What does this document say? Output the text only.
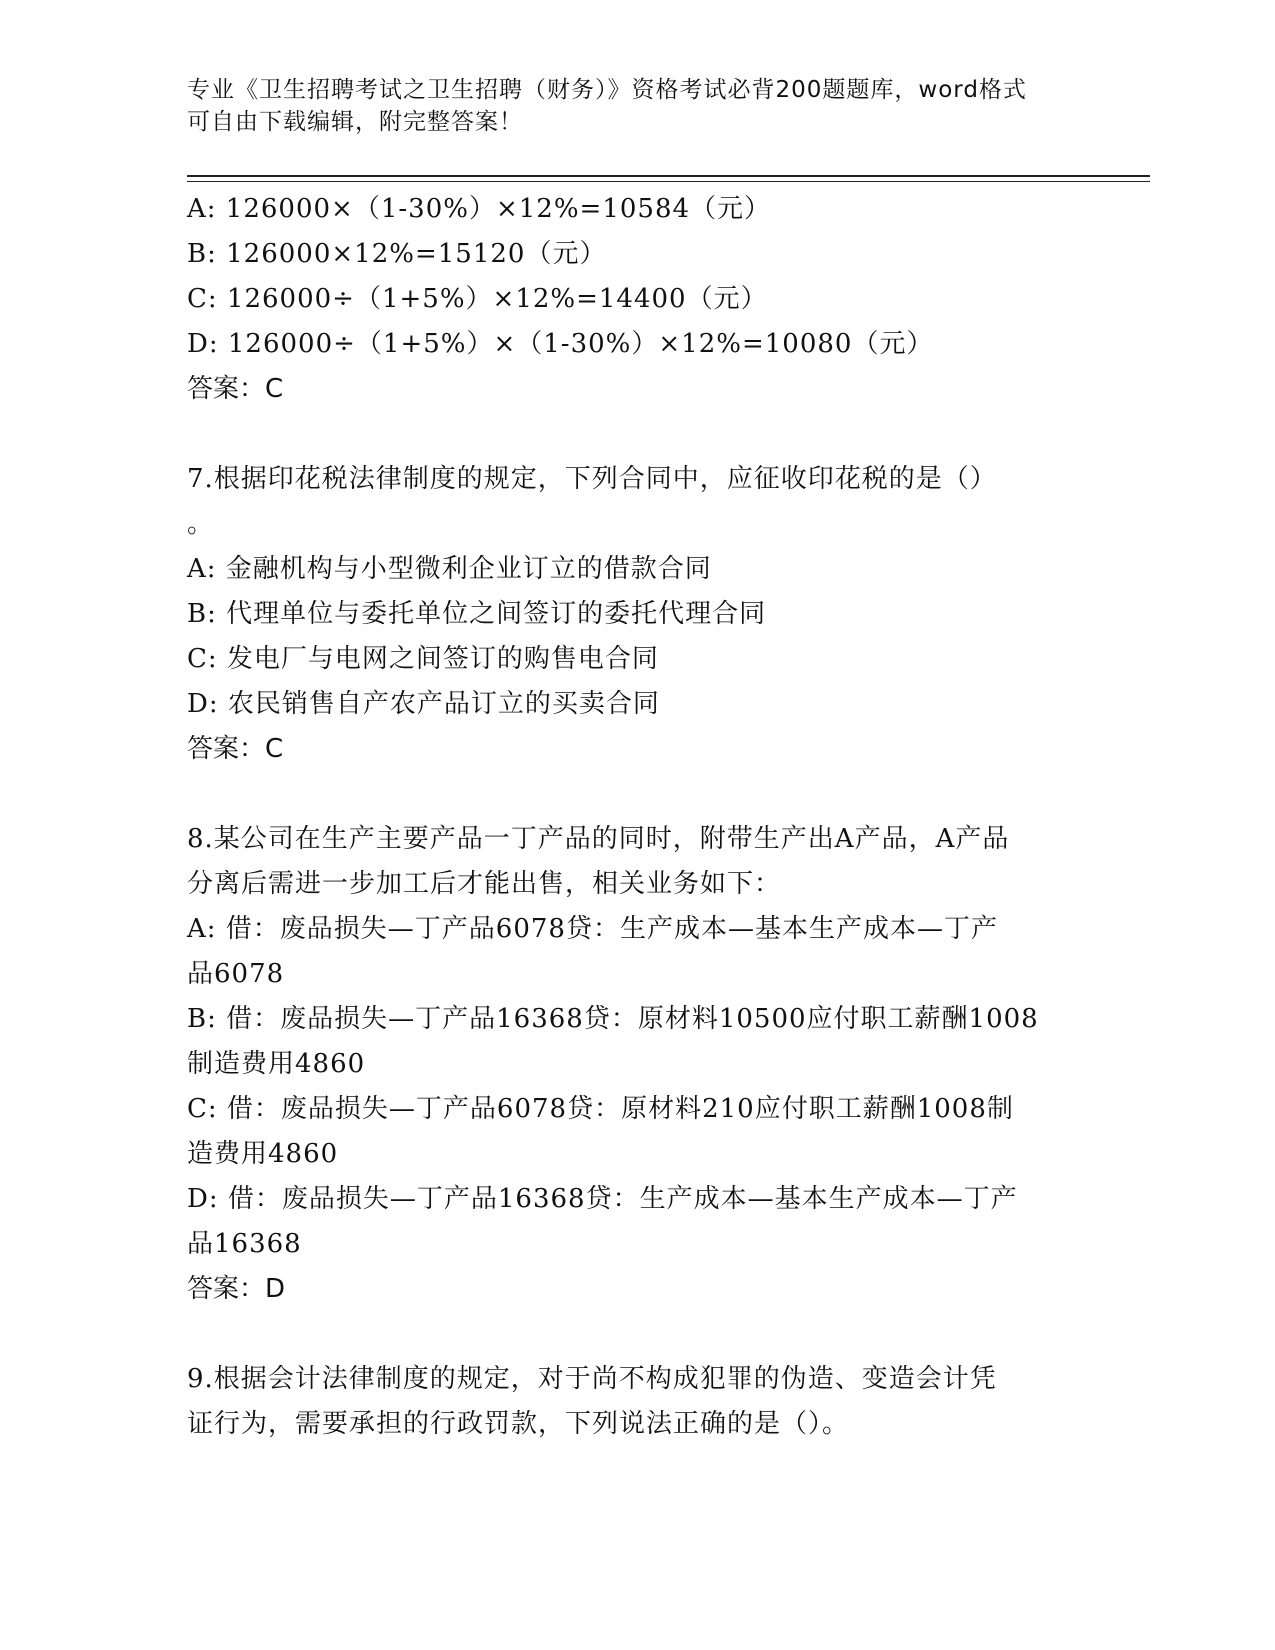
专业《卫生招聘考试之卫生招聘（财务）》资格考试必背200题题库，word格式
可自由下载编辑，附完整答案！
A: 126000×（1-30%）×12%=10584（元）
B: 126000×12%=15120（元）
C: 126000÷（1+5%）×12%=14400（元）
D: 126000÷（1+5%）×（1-30%）×12%=10080（元）
答案：C
7.根据印花税法律制度的规定，下列合同中，应征收印花税的是（）
。
A: 金融机构与小型微利企业订立的借款合同
B: 代理单位与委托单位之间签订的委托代理合同
C: 发电厂与电网之间签订的购售电合同
D: 农民销售自产农产品订立的买卖合同
答案：C
8.某公司在生产主要产品一丁产品的同时，附带生产出A产品，A产品
分离后需进一步加工后才能出售，相关业务如下：
A: 借：废品损失—丁产品6078贷：生产成本—基本生产成本—丁产
品6078
B: 借：废品损失—丁产品16368贷：原材料10500应付职工薪酬1008
制造费用4860
C: 借：废品损失—丁产品6078贷：原材料210应付职工薪酬1008制
造费用4860
D: 借：废品损失—丁产品16368贷：生产成本—基本生产成本—丁产
品16368
答案：D
9.根据会计法律制度的规定，对于尚不构成犯罪的伪造、变造会计凭
证行为，需要承担的行政罚款，下列说法正确的是（）。
